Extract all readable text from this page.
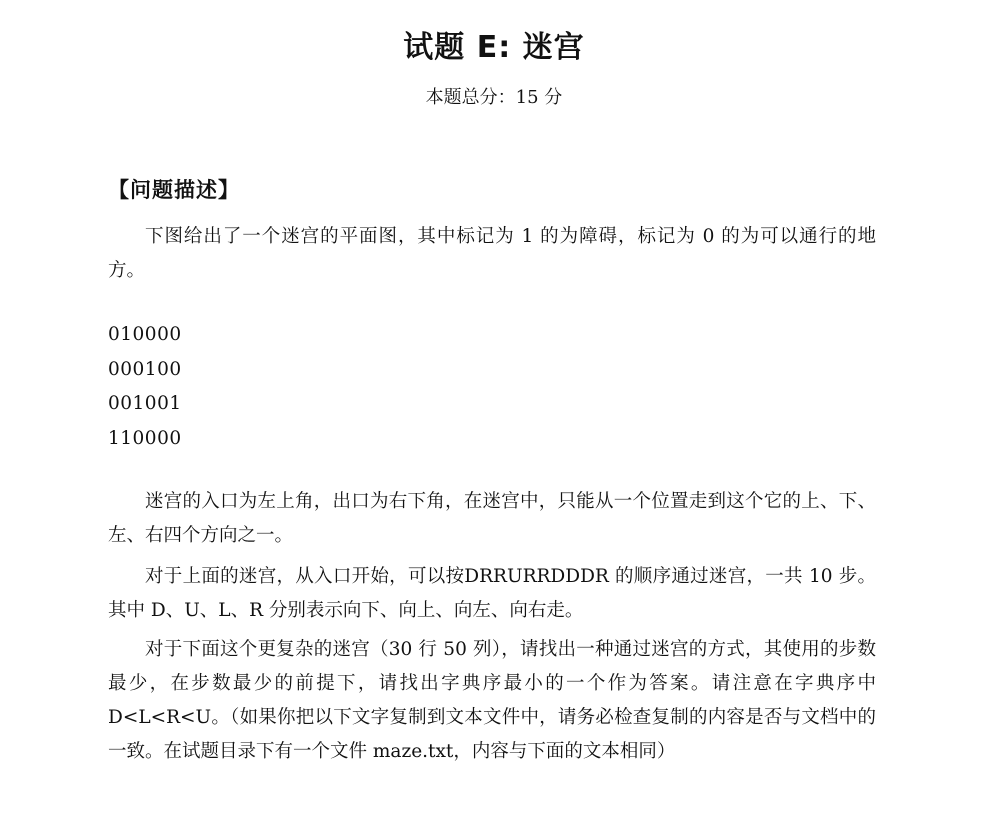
试题 E: 迷宫
本题总分：15 分
【问题描述】

下图给出了一个迷宫的平面图，其中标记为 1 的为障碍，标记为 0 的为可以通行的地方。

010000
000100
001001
110000

迷宫的入口为左上角，出口为右下角，在迷宫中，只能从一个位置走到这个它的上、下、左、右四个方向之一。

对于上面的迷宫，从入口开始，可以按DRRURRDDDR 的顺序通过迷宫，一共 10 步。其中 D、U、L、R 分别表示向下、向上、向左、向右走。

对于下面这个更复杂的迷宫（30 行 50 列），请找出一种通过迷宫的方式，其使用的步数最少，在步数最少的前提下，请找出字典序最小的一个作为答案。请注意在字典序中D<L<R<U。（如果你把以下文字复制到文本文件中，请务必检查复制的内容是否与文档中的一致。在试题目录下有一个文件 maze.txt，内容与下面的文本相同）
